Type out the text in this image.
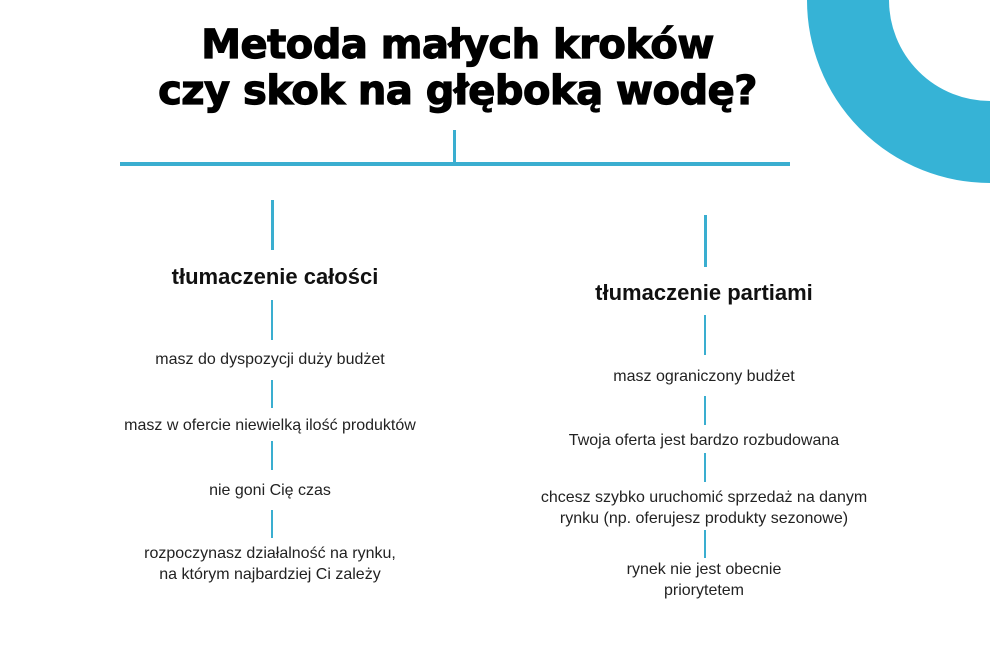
Metoda małych kroków
czy skok na głęboką wodę?
tłumaczenie całości
masz do dyspozycji duży budżet
masz w ofercie niewielką ilość produktów
nie goni Cię czas
rozpoczynasz działalność na rynku,
na którym najbardziej Ci zależy
tłumaczenie partiami
masz ograniczony budżet
Twoja oferta jest bardzo rozbudowana
chcesz szybko uruchomić sprzedaż na danym
rynku (np. oferujesz produkty sezonowe)
rynek nie jest obecnie
priorytetem
